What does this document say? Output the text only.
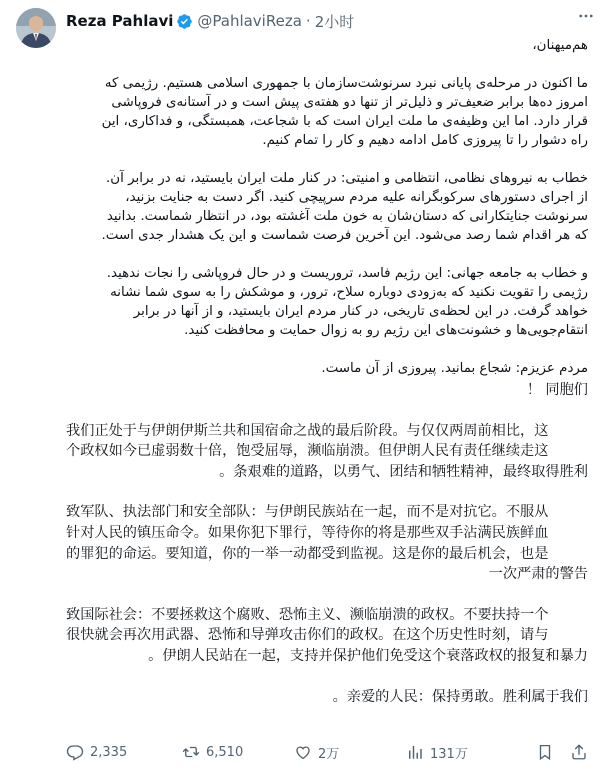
Reza Pahlavi @PahlaviReza · 2小时
هم‌میهنان،
ما اکنون در مرحله‌ی پایانی نبرد سرنوشت‌سازمان با جمهوری اسلامی هستیم. رژیمی که
امروز ده‌ها برابر ضعیف‌تر و ذلیل‌تر از تنها دو هفته‌ی پیش است و در آستانه‌ی فروپاشی
قرار دارد. اما این وظیفه‌ی ما ملت ایران است که با شجاعت، همبستگی، و فداکاری، این
راه دشوار را تا پیروزی کامل ادامه دهیم و کار را تمام کنیم.
خطاب به نیروهای نظامی، انتظامی و امنیتی: در کنار ملت ایران بایستید، نه در برابر آن.
از اجرای دستورهای سرکوبگرانه علیه مردم سرپیچی کنید. اگر دست به جنایت بزنید،
سرنوشت جنایتکارانی که دستان‌شان به خون ملت آغشته بود، در انتظار شماست. بدانید
که هر اقدام شما رصد می‌شود. این آخرین فرصت شماست و این یک هشدار جدی است.
و خطاب به جامعه جهانی: این رژیم فاسد، تروریست و در حال فروپاشی را نجات ندهید.
رژیمی را تقویت نکنید که به‌زودی دوباره سلاح، ترور، و موشکش را به سوی شما نشانه
خواهد گرفت. در این لحظه‌ی تاریخی، در کنار مردم ایران بایستید، و از آنها در برابر
انتقام‌جویی‌ها و خشونت‌های این رژیم رو به زوال حمایت و محافظت کنید.
مردم عزیزم: شجاع بمانید. پیروزی از آن ماست.
！ 同胞们
我们正处于与伊朗伊斯兰共和国宿命之战的最后阶段。与仅仅两周前相比，这
个政权如今已虚弱数十倍，饱受屈辱，濒临崩溃。但伊朗人民有责任继续走这
。条艰难的道路，以勇气、团结和牺牲精神，最终取得胜利
致军队、执法部门和安全部队：与伊朗民族站在一起，而不是对抗它。不服从
针对人民的镇压命令。如果你犯下罪行，等待你的将是那些双手沾满民族鲜血
的罪犯的命运。要知道，你的一举一动都受到监视。这是你的最后机会，也是
一次严肃的警告
致国际社会：不要拯救这个腐败、恐怖主义、濒临崩溃的政权。不要扶持一个
很快就会再次用武器、恐怖和导弹攻击你们的政权。在这个历史性时刻，请与
。伊朗人民站在一起，支持并保护他们免受这个衰落政权的报复和暴力
。亲爱的人民：保持勇敢。胜利属于我们
2,335	6,510	2万	131万
